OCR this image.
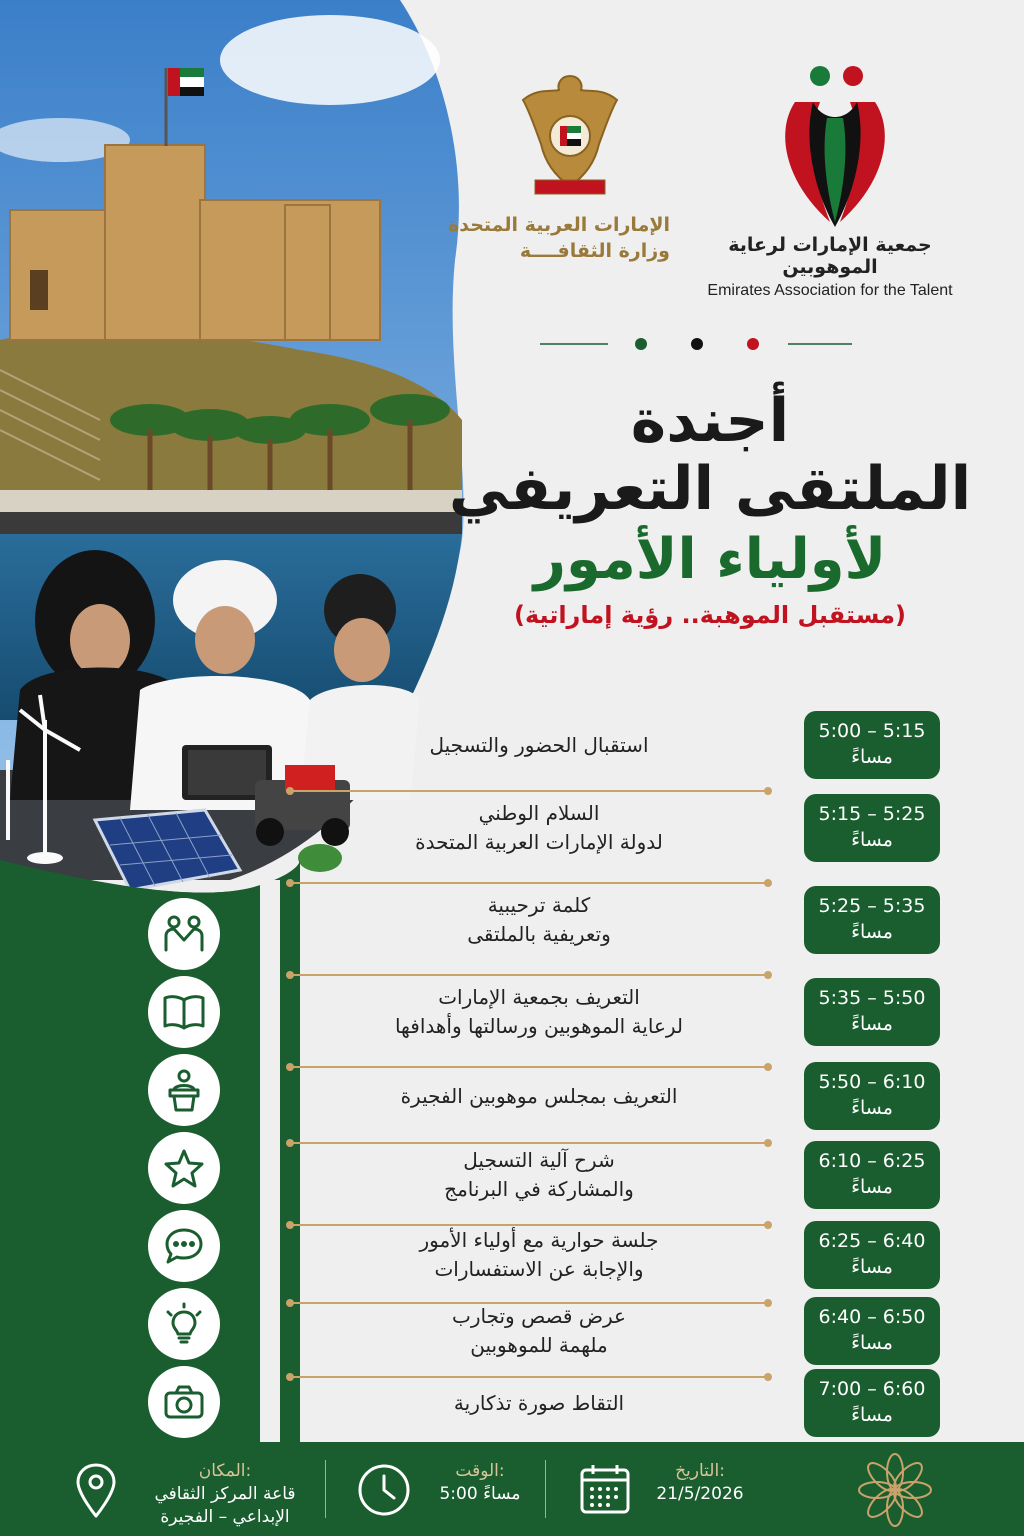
الإمارات العربية المتحدة
وزارة الثقافــــة	جمعية الإمارات لرعاية الموهوبين
Emirates Association for the Talent
أجندة
الملتقى التعريفي
لأولياء الأمور
(مستقبل الموهبة.. رؤية إماراتية)
استقبال الحضور والتسجيل
5:00 – 5:15
مساءً
السلام الوطني
لدولة الإمارات العربية المتحدة
5:15 – 5:25
مساءً
كلمة ترحيبية
وتعريفية بالملتقى
5:25 – 5:35
مساءً
التعريف بجمعية الإمارات
لرعاية الموهوبين ورسالتها وأهدافها
5:35 – 5:50
مساءً
التعريف بمجلس موهوبين الفجيرة
5:50 – 6:10
مساءً
شرح آلية التسجيل
والمشاركة في البرنامج
6:10 – 6:25
مساءً
جلسة حوارية مع أولياء الأمور
والإجابة عن الاستفسارات
6:25 – 6:40
مساءً
عرض قصص وتجارب
ملهمة للموهوبين
6:40 – 6:50
مساءً
التقاط صورة تذكارية
7:00 – 6:60
مساءً
التاريخ:
21/5/2026
الوقت:
5:00 مساءً
المكان:
قاعة المركز الثقافي
الإبداعي – الفجيرة
